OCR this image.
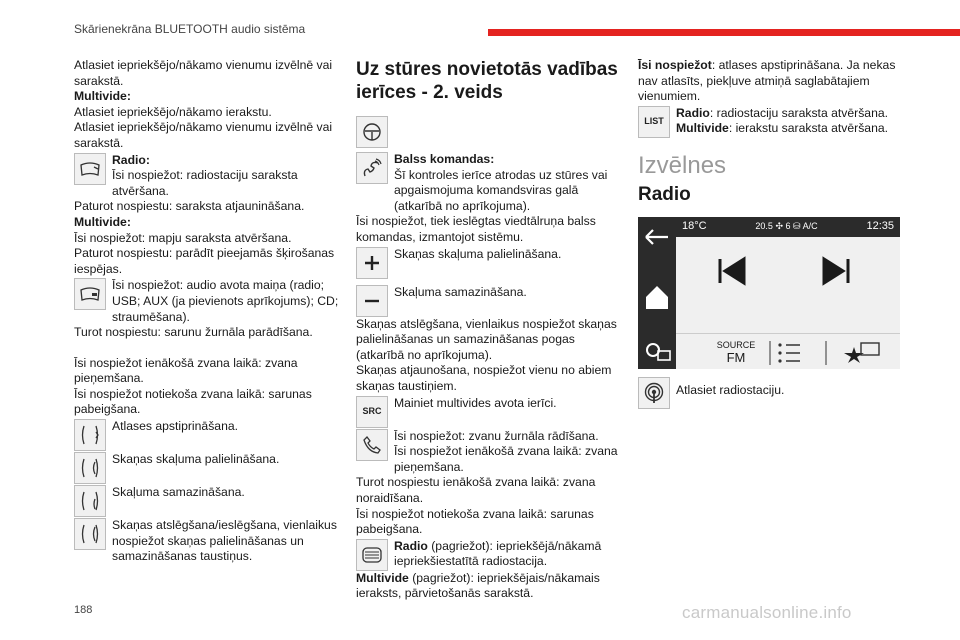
Skārienekrāna BLUETOOTH audio sistēma

Atlasiet iepriekšējo/nākamo vienumu izvēlnē vai sarakstā.

Multivide:

Atlasiet iepriekšējo/nākamo ierakstu.

Atlasiet iepriekšējo/nākamo vienumu izvēlnē vai sarakstā.

Radio:
Īsi nospiežot: radiostaciju saraksta atvēršana.

Paturot nospiestu: saraksta atjaunināšana.

Multivide:

Īsi nospiežot: mapju saraksta atvēršana.

Paturot nospiestu: parādīt pieejamās šķirošanas iespējas.

Īsi nospiežot: audio avota maiņa (radio; USB; AUX (ja pievienots aprīkojums); CD; straumēšana).

Turot nospiestu: sarunu žurnāla parādīšana.

Īsi nospiežot ienākošā zvana laikā: zvana pieņemšana.

Īsi nospiežot notiekoša zvana laikā: sarunas pabeigšana.

Atlases apstiprināšana.
Skaņas skaļuma palielināšana.
Skaļuma samazināšana.
Skaņas atslēgšana/ieslēgšana, vienlaikus nospiežot skaņas palielināšanas un samazināšanas taustiņus.
Uz stūres novietotās vadības ierīces - 2. veids
Balss komandas:
Šī kontroles ierīce atrodas uz stūres vai apgaismojuma komandsviras galā (atkarībā no aprīkojuma).

Īsi nospiežot, tiek ieslēgtas viedtālruņa balss komandas, izmantojot sistēmu.

Skaņas skaļuma palielināšana.
Skaļuma samazināšana.

Skaņas atslēgšana, vienlaikus nospiežot skaņas palielināšanas un samazināšanas pogas (atkarībā no aprīkojuma).

Skaņas atjaunošana, nospiežot vienu no abiem skaņas taustiņiem.

SRC
Mainiet multivides avota ierīci.
Īsi nospiežot: zvanu žurnāla rādīšana.
Īsi nospiežot ienākošā zvana laikā: zvana pieņemšana.

Turot nospiestu ienākošā zvana laikā: zvana noraidīšana.

Īsi nospiežot notiekoša zvana laikā: sarunas pabeigšana.

Radio (pagriežot): iepriekšējā/nākamā iepriekšiestatītā radiostacija.

Multivide (pagriežot): iepriekšējais/nākamais ieraksts, pārvietošanās sarakstā.

Īsi nospiežot: atlases apstiprināšana. Ja nekas nav atlasīts, piekļuve atmiņā saglabātajiem vienumiem.

LIST
Radio: radiostaciju saraksta atvēršana.
Multivide: ierakstu saraksta atvēršana.
Izvēlnes
Radio
SOURCE
FM
18°C	20.5 ✣ 6 ⛁ A/C	12:35
Atlasiet radiostaciju.
188	carmanualsonline.info
